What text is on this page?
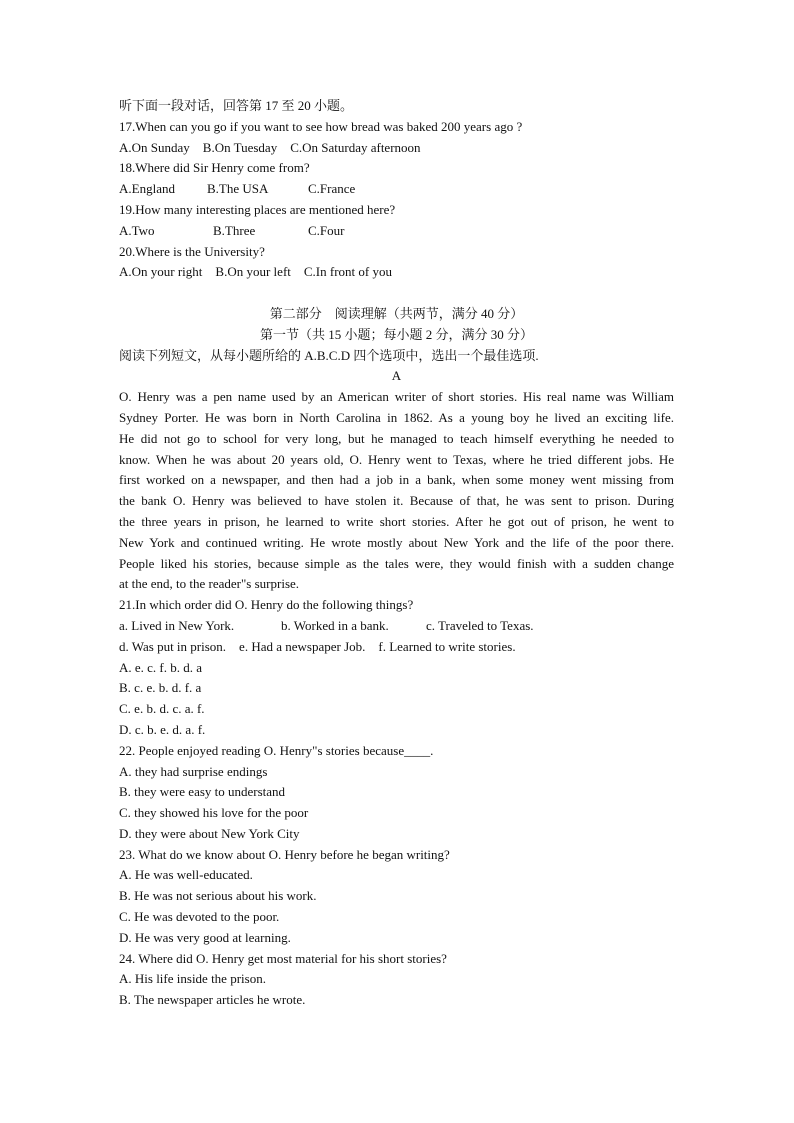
听下面一段对话，回答第 17 至 20 小题。
17.When can you go if you want to see how bread was baked 200 years ago ?
A.On Sunday B.On Tuesday C.On Saturday afternoon
18.Where did Sir Henry come from?
A.England B.The USA	C.France
19.How many interesting places are mentioned here?
A.Two	B.Three	C.Four
20.Where is the University?
A.On your right B.On your left C.In front of you
第二部分　阅读理解（共两节，满分 40 分）
第一节（共 15 小题；每小题 2 分，满分 30 分）
阅读下列短文，从每小题所给的 A.B.C.D 四个选项中，选出一个最佳选项.
A
O. Henry was a pen name used by an American writer of short stories. His real name was William
Sydney Porter. He was born in North Carolina in 1862. As a young boy he lived an exciting life.
He did not go to school for very long, but he managed to teach himself everything he needed to
know. When he was about 20 years old, O. Henry went to Texas, where he tried different jobs. He
first worked on a newspaper, and then had a job in a bank, when some money went missing from
the bank O. Henry was believed to have stolen it. Because of that, he was sent to prison. During
the three years in prison, he learned to write short stories. After he got out of prison, he went to
New York and continued writing. He wrote mostly about New York and the life of the poor there.
People liked his stories, because simple as the tales were, they would finish with a sudden change
at the end, to the reader"s surprise.
21.In which order did O. Henry do the following things?
a. Lived in New York.	b. Worked in a bank.	c. Traveled to Texas.
d. Was put in prison. e. Had a newspaper Job. f. Learned to write stories.
A. e. c. f. b. d. a
B. c. e. b. d. f. a
C. e. b. d. c. a. f.
D. c. b. e. d. a. f.
22. People enjoyed reading O. Henry"s stories because____.
A. they had surprise endings
B. they were easy to understand
C. they showed his love for the poor
D. they were about New York City
23. What do we know about O. Henry before he began writing?
A. He was well-educated.
B. He was not serious about his work.
C. He was devoted to the poor.
D. He was very good at learning.
24. Where did O. Henry get most material for his short stories?
A. His life inside the prison.
B. The newspaper articles he wrote.
